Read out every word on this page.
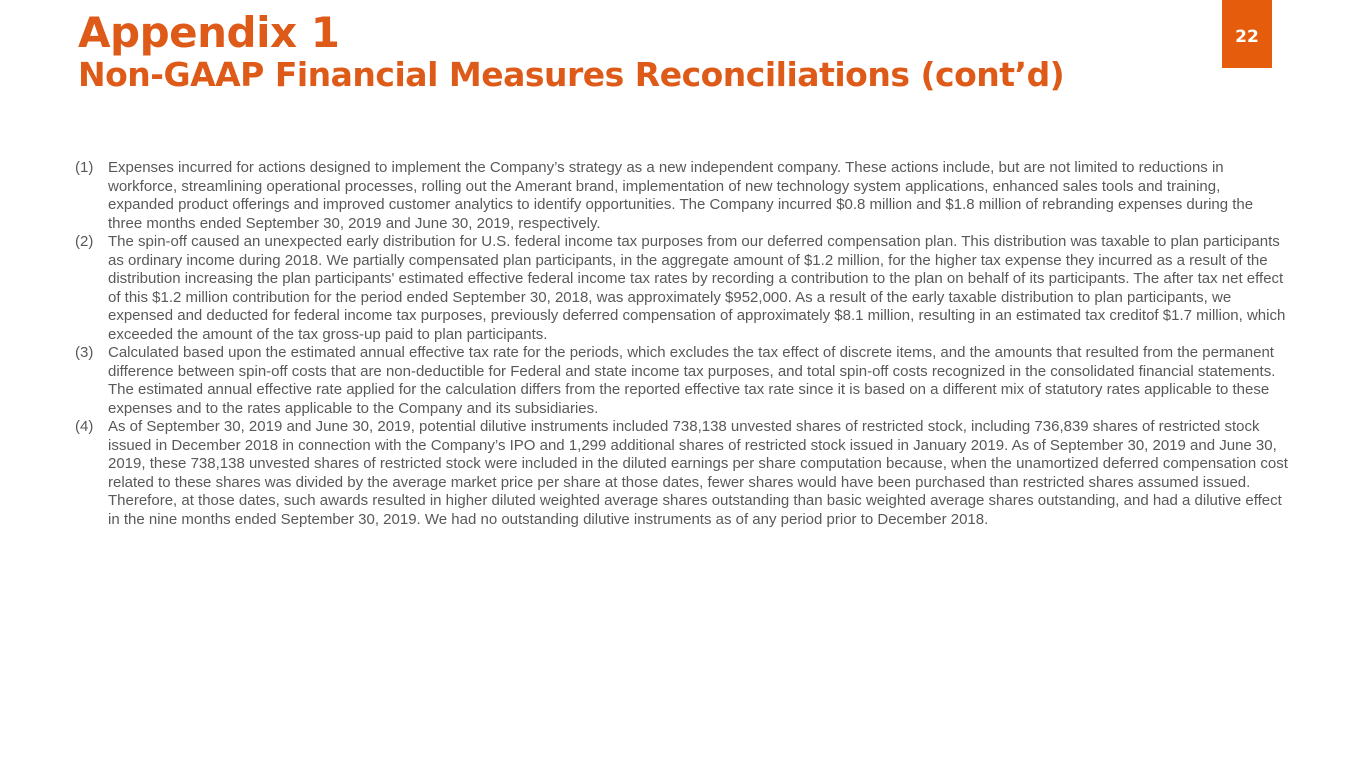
Appendix 1
Non-GAAP Financial Measures Reconciliations (cont’d)
22
(1) Expenses incurred for actions designed to implement the Company’s strategy as a new independent company. These actions include, but are not limited to reductions in workforce, streamlining operational processes, rolling out the Amerant brand, implementation of new technology system applications, enhanced sales tools and training, expanded product offerings and improved customer analytics to identify opportunities. The Company incurred $0.8 million and $1.8 million of rebranding expenses during the three months ended September 30, 2019 and June 30, 2019, respectively.
(2) The spin-off caused an unexpected early distribution for U.S. federal income tax purposes from our deferred compensation plan. This distribution was taxable to plan participants as ordinary income during 2018. We partially compensated plan participants, in the aggregate amount of $1.2 million, for the higher tax expense they incurred as a result of the distribution increasing the plan participants' estimated effective federal income tax rates by recording a contribution to the plan on behalf of its participants. The after tax net effect of this $1.2 million contribution for the period ended September 30, 2018, was approximately $952,000. As a result of the early taxable distribution to plan participants, we expensed and deducted for federal income tax purposes, previously deferred compensation of approximately $8.1 million, resulting in an estimated tax creditof $1.7 million, which exceeded the amount of the tax gross-up paid to plan participants.
(3) Calculated based upon the estimated annual effective tax rate for the periods, which excludes the tax effect of discrete items, and the amounts that resulted from the permanent difference between spin-off costs that are non-deductible for Federal and state income tax purposes, and total spin-off costs recognized in the consolidated financial statements. The estimated annual effective rate applied for the calculation differs from the reported effective tax rate since it is based on a different mix of statutory rates applicable to these expenses and to the rates applicable to the Company and its subsidiaries.
(4) As of September 30, 2019 and June 30, 2019, potential dilutive instruments included 738,138 unvested shares of restricted stock, including 736,839 shares of restricted stock issued in December 2018 in connection with the Company’s IPO and 1,299 additional shares of restricted stock issued in January 2019. As of September 30, 2019 and June 30, 2019, these 738,138 unvested shares of restricted stock were included in the diluted earnings per share computation because, when the unamortized deferred compensation cost related to these shares was divided by the average market price per share at those dates, fewer shares would have been purchased than restricted shares assumed issued. Therefore, at those dates, such awards resulted in higher diluted weighted average shares outstanding than basic weighted average shares outstanding, and had a dilutive effect in the nine months ended September 30, 2019. We had no outstanding dilutive instruments as of any period prior to December 2018.
